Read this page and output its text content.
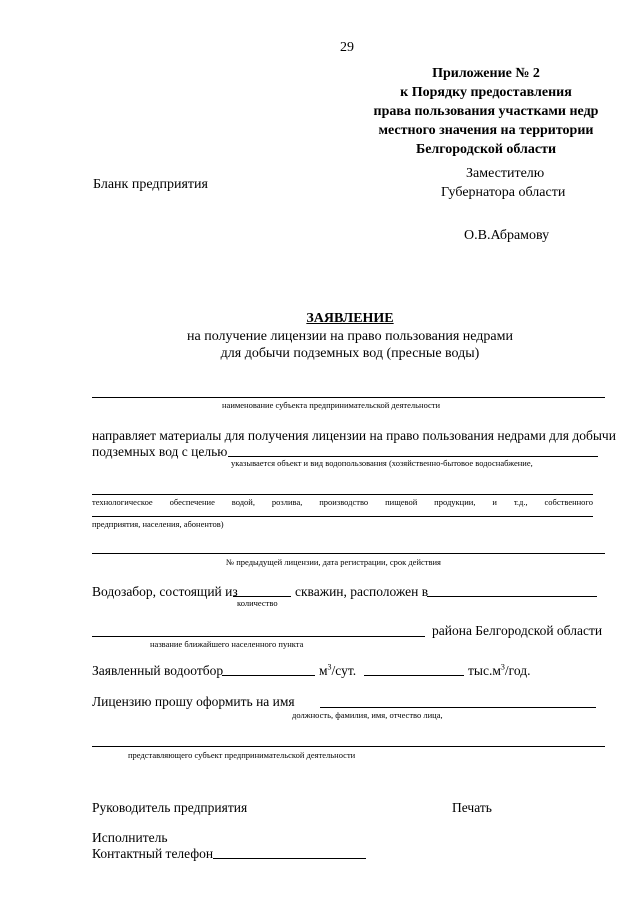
29
Приложение № 2
к Порядку предоставления
права пользования участками недр
местного значения на территории
Белгородской области
Бланк предприятия
Заместителю
Губернатора области
О.В.Абрамову
ЗАЯВЛЕНИЕ
на получение лицензии на право пользования недрами
для добычи подземных вод (пресные воды)
наименование субъекта предпринимательской деятельности
направляет материалы для получения лицензии на право пользования недрами для добычи
подземных вод с целью
указывается объект и вид водопользования (хозяйственно-бытовое водоснабжение,
технологическое обеспечение водой, розлива, производство пищевой продукции, и т.д., собственного
предприятия, населения, абонентов)
№ предыдущей лицензии, дата регистрации, срок действия
Водозабор, состоящий из	скважин, расположен в
количество
района Белгородской области
название ближайшего населенного пункта
Заявленный водоотбор	$м^3$/сут.	$тыс.м^3$/год.
Лицензию прошу оформить на имя
должность, фамилия, имя, отчество лица,
представляющего субъект предпринимательской деятельности
Руководитель предприятия	Печать
Исполнитель
Контактный телефон
